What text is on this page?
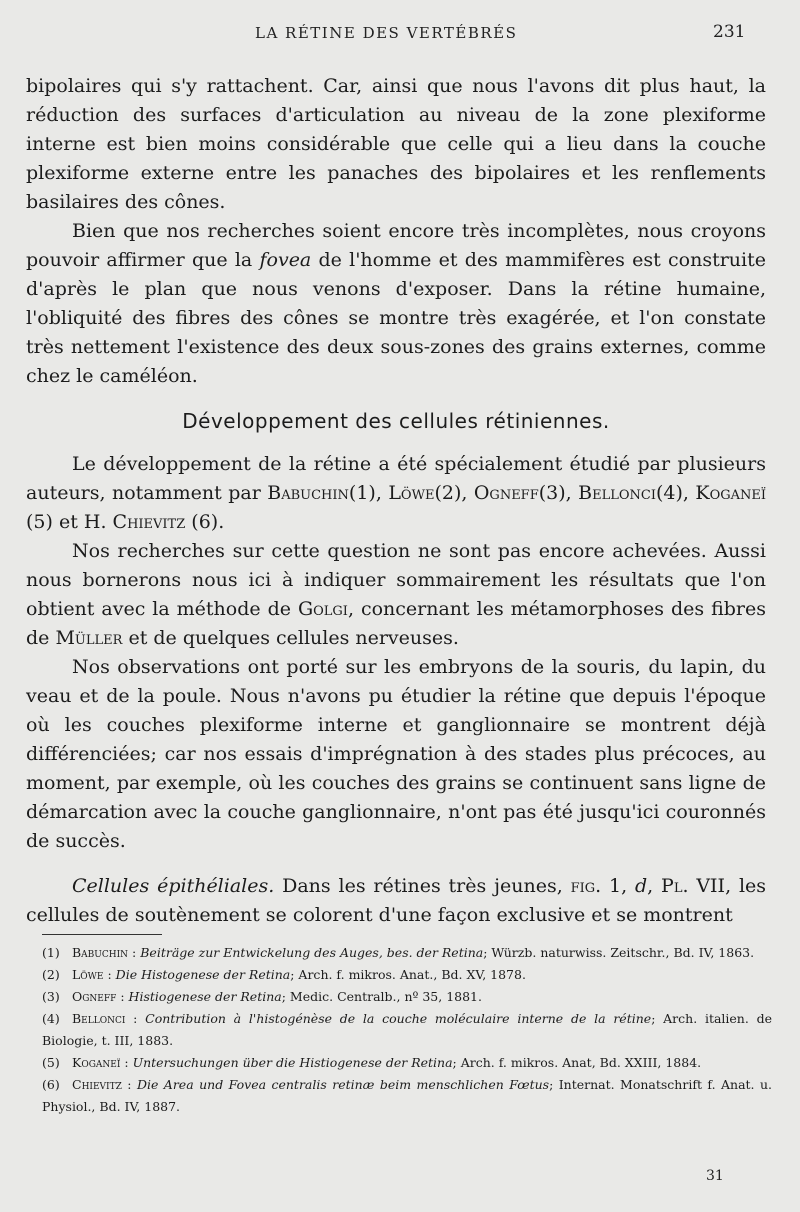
LA RÉTINE DES VERTÉBRÉS	231

bipolaires qui s'y rattachent. Car, ainsi que nous l'avons dit plus haut, la réduction des surfaces d'articulation au niveau de la zone plexiforme interne est bien moins considérable que celle qui a lieu dans la couche plexiforme externe entre les panaches des bipolaires et les renflements basilaires des cônes.

Bien que nos recherches soient encore très incomplètes, nous croyons pouvoir affirmer que la fovea de l'homme et des mammifères est construite d'après le plan que nous venons d'exposer. Dans la rétine humaine, l'obliquité des fibres des cônes se montre très exagérée, et l'on constate très nettement l'existence des deux sous-zones des grains externes, comme chez le caméléon.

Développement des cellules rétiniennes.

Le développement de la rétine a été spécialement étudié par plusieurs auteurs, notamment par Babuchin(1), Löwe(2), Ogneff(3), Belloncı(4), Koganeï (5) et H. Chievitz (6).

Nos recherches sur cette question ne sont pas encore achevées. Aussi nous bornerons nous ici à indiquer sommairement les résultats que l'on obtient avec la méthode de Golgi, concernant les métamorphoses des fibres de Müller et de quelques cellules nerveuses.

Nos observations ont porté sur les embryons de la souris, du lapin, du veau et de la poule. Nous n'avons pu étudier la rétine que depuis l'époque où les couches plexiforme interne et ganglionnaire se montrent déjà différenciées; car nos essais d'imprégnation à des stades plus précoces, au moment, par exemple, où les couches des grains se continuent sans ligne de démarcation avec la couche ganglionnaire, n'ont pas été jusqu'ici couronnés de succès.

Cellules épithéliales. Dans les rétines très jeunes, fig. 1, d, Pl. VII, les cellules de soutènement se colorent d'une façon exclusive et se montrent

(1) Babuchin : Beiträge zur Entwickelung des Auges, bes. der Retina; Würzb. naturwiss. Zeitschr., Bd. IV, 1863.

(2) Löwe : Die Histogenese der Retina; Arch. f. mikros. Anat., Bd. XV, 1878.

(3) Ogneff : Histiogenese der Retina; Medic. Centralb., nº 35, 1881.

(4) Belloncı : Contribution à l'histogénèse de la couche moléculaire interne de la rétine; Arch. italien. de Biologie, t. III, 1883.

(5) Koganeï : Untersuchungen über die Histiogenese der Retina; Arch. f. mikros. Anat, Bd. XXIII, 1884.

(6) Chievitz : Die Area und Fovea centralis retinæ beim menschlichen Fœtus; Internat. Monatschrift f. Anat. u. Physiol., Bd. IV, 1887.

31
